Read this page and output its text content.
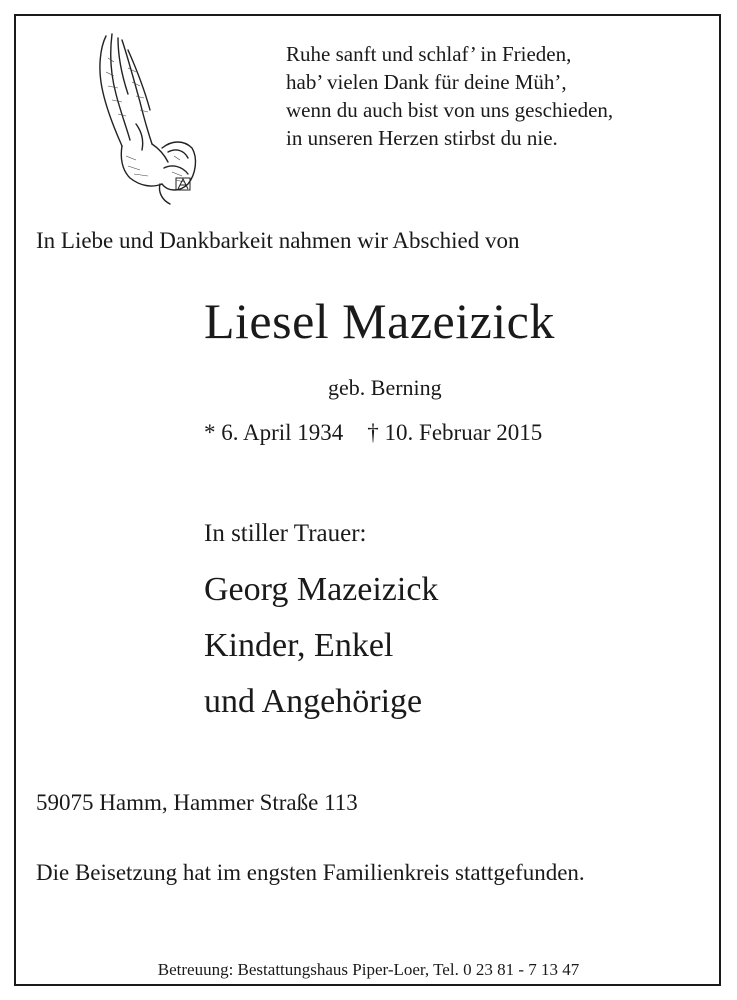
Ruhe sanft und schlaf’ in Frieden,
hab’ vielen Dank für deine Müh’,
wenn du auch bist von uns geschieden,
in unseren Herzen stirbst du nie.
In Liebe und Dankbarkeit nahmen wir Abschied von
Liesel Mazeizick
geb. Berning
* 6. April 1934 † 10. Februar 2015
In stiller Trauer:
Georg Mazeizick
Kinder, Enkel
und Angehörige
59075 Hamm, Hammer Straße 113
Die Beisetzung hat im engsten Familienkreis stattgefunden.
Betreuung: Bestattungshaus Piper-Loer, Tel. 0 23 81 - 7 13 47
